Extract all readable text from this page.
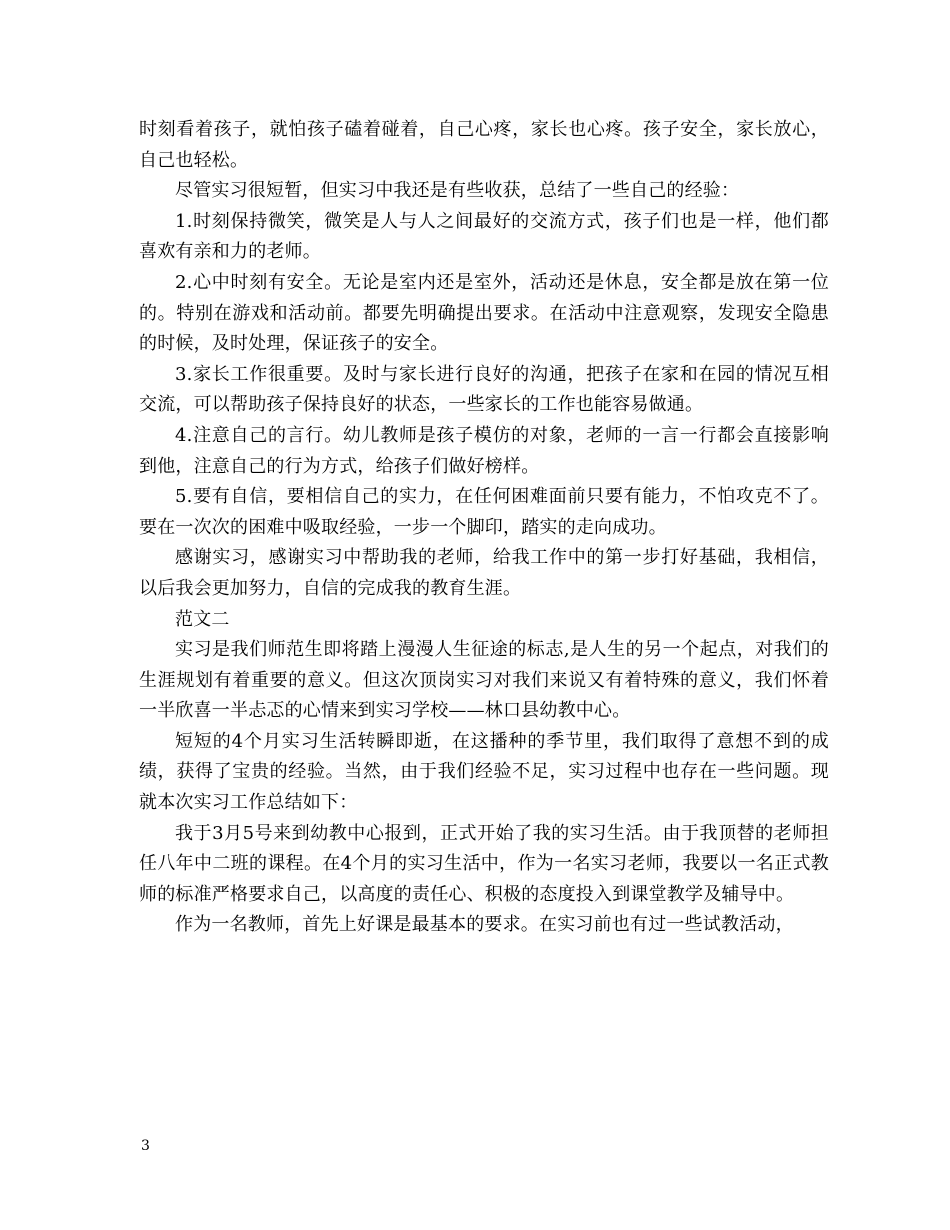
时刻看着孩子，就怕孩子磕着碰着，自己心疼，家长也心疼。孩子安全，家长放心，自己也轻松。

尽管实习很短暂，但实习中我还是有些收获，总结了一些自己的经验：

1.时刻保持微笑，微笑是人与人之间最好的交流方式，孩子们也是一样，他们都喜欢有亲和力的老师。

2.心中时刻有安全。无论是室内还是室外，活动还是休息，安全都是放在第一位的。特别在游戏和活动前。都要先明确提出要求。在活动中注意观察，发现安全隐患的时候，及时处理，保证孩子的安全。

3.家长工作很重要。及时与家长进行良好的沟通，把孩子在家和在园的情况互相交流，可以帮助孩子保持良好的状态，一些家长的工作也能容易做通。

4.注意自己的言行。幼儿教师是孩子模仿的对象，老师的一言一行都会直接影响到他，注意自己的行为方式，给孩子们做好榜样。

5.要有自信，要相信自己的实力，在任何困难面前只要有能力，不怕攻克不了。要在一次次的困难中吸取经验，一步一个脚印，踏实的走向成功。

感谢实习，感谢实习中帮助我的老师，给我工作中的第一步打好基础，我相信，以后我会更加努力，自信的完成我的教育生涯。

范文二

实习是我们师范生即将踏上漫漫人生征途的标志,是人生的另一个起点，对我们的生涯规划有着重要的意义。但这次顶岗实习对我们来说又有着特殊的意义，我们怀着一半欣喜一半忐忑的心情来到实习学校——林口县幼教中心。

短短的4个月实习生活转瞬即逝，在这播种的季节里，我们取得了意想不到的成绩，获得了宝贵的经验。当然，由于我们经验不足，实习过程中也存在一些问题。现就本次实习工作总结如下：

我于3月5号来到幼教中心报到，正式开始了我的实习生活。由于我顶替的老师担任八年中二班的课程。在4个月的实习生活中，作为一名实习老师，我要以一名正式教师的标准严格要求自己，以高度的责任心、积极的态度投入到课堂教学及辅导中。

作为一名教师，首先上好课是最基本的要求。在实习前也有过一些试教活动，

3
